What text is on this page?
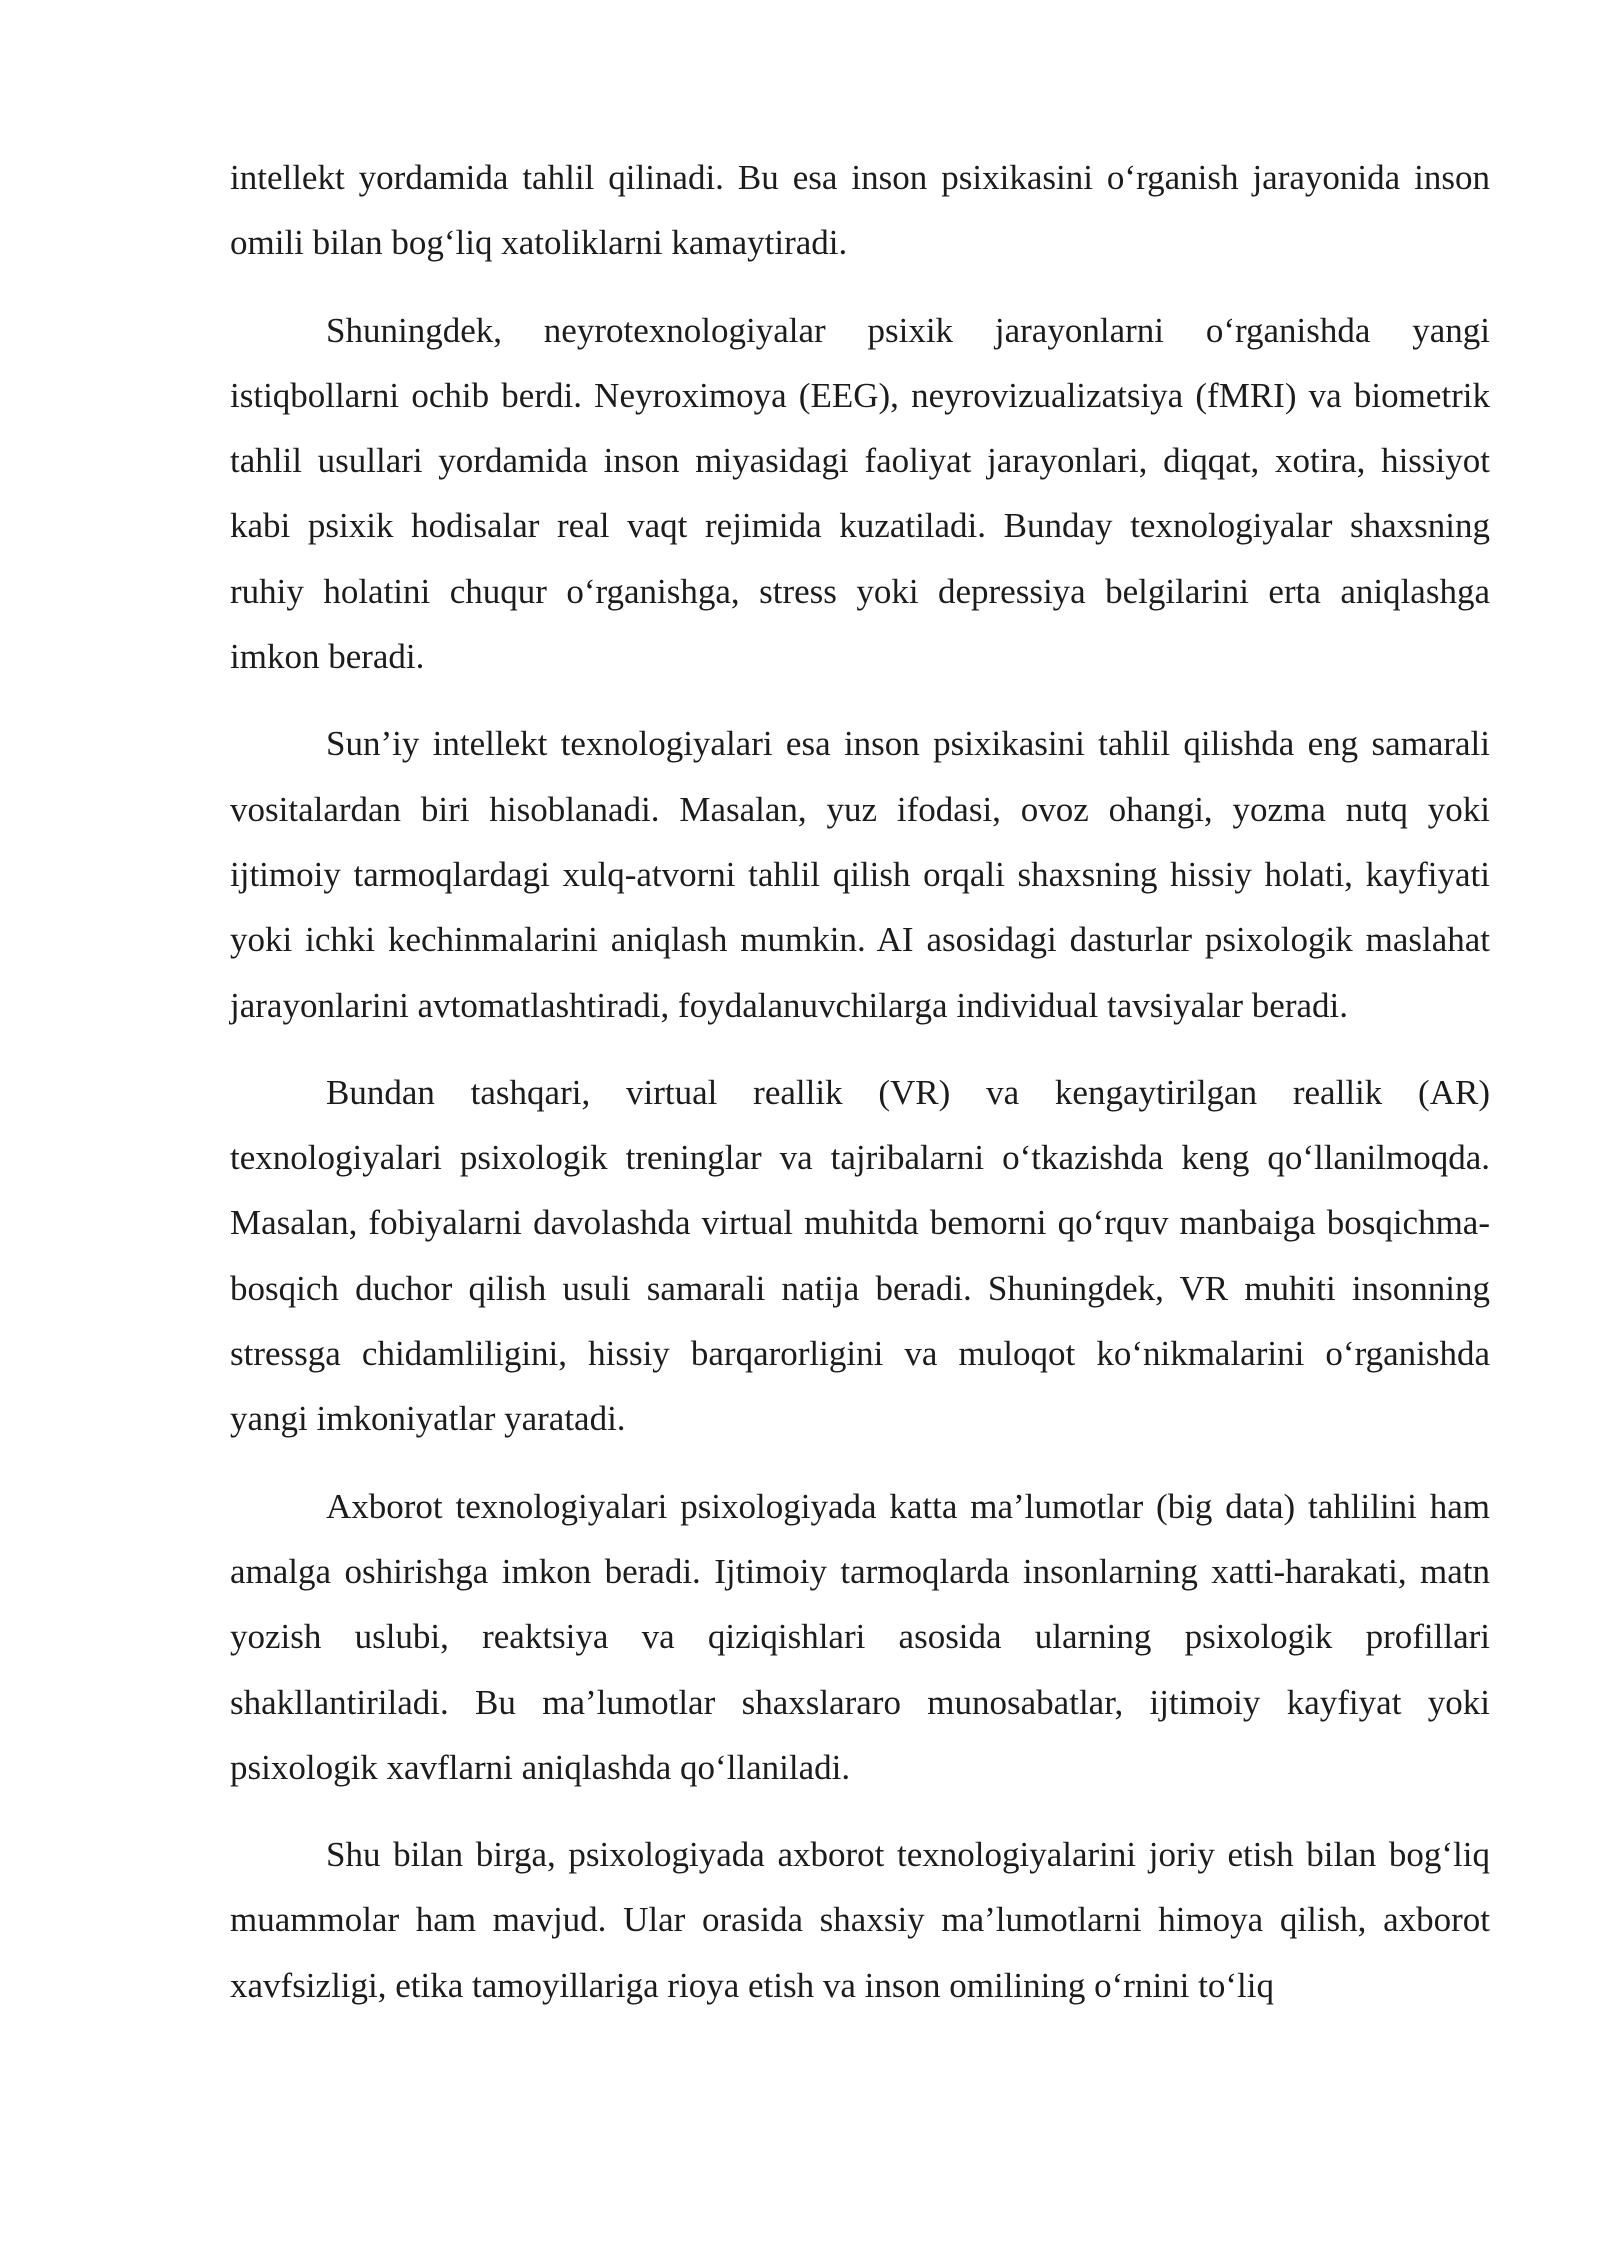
intellekt yordamida tahlil qilinadi. Bu esa inson psixikasini o‘rganish jarayonida inson omili bilan bog‘liq xatoliklarni kamaytiradi.

Shuningdek, neyrotexnologiyalar psixik jarayonlarni o‘rganishda yangi istiqbollarni ochib berdi. Neyroximoya (EEG), neyrovizualizatsiya (fMRI) va biometrik tahlil usullari yordamida inson miyasidagi faoliyat jarayonlari, diqqat, xotira, hissiyot kabi psixik hodisalar real vaqt rejimida kuzatiladi. Bunday texnologiyalar shaxsning ruhiy holatini chuqur o‘rganishga, stress yoki depressiya belgilarini erta aniqlashga imkon beradi.

Sun’iy intellekt texnologiyalari esa inson psixikasini tahlil qilishda eng samarali vositalardan biri hisoblanadi. Masalan, yuz ifodasi, ovoz ohangi, yozma nutq yoki ijtimoiy tarmoqlardagi xulq-atvorni tahlil qilish orqali shaxsning hissiy holati, kayfiyati yoki ichki kechinmalarini aniqlash mumkin. AI asosidagi dasturlar psixologik maslahat jarayonlarini avtomatlashtiradi, foydalanuvchilarga individual tavsiyalar beradi.

Bundan tashqari, virtual reallik (VR) va kengaytirilgan reallik (AR) texnologiyalari psixologik treninglar va tajribalarni o‘tkazishda keng qo‘llanilmoqda. Masalan, fobiyalarni davolashda virtual muhitda bemorni qo‘rquv manbaiga bosqichma-bosqich duchor qilish usuli samarali natija beradi. Shuningdek, VR muhiti insonning stressga chidamliligini, hissiy barqarorligini va muloqot ko‘nikmalarini o‘rganishda yangi imkoniyatlar yaratadi.

Axborot texnologiyalari psixologiyada katta ma’lumotlar (big data) tahlilini ham amalga oshirishga imkon beradi. Ijtimoiy tarmoqlarda insonlarning xatti-harakati, matn yozish uslubi, reaktsiya va qiziqishlari asosida ularning psixologik profillari shakllantiriladi. Bu ma’lumotlar shaxslararo munosabatlar, ijtimoiy kayfiyat yoki psixologik xavflarni aniqlashda qo‘llaniladi.

Shu bilan birga, psixologiyada axborot texnologiyalarini joriy etish bilan bog‘liq muammolar ham mavjud. Ular orasida shaxsiy ma’lumotlarni himoya qilish, axborot xavfsizligi, etika tamoyillariga rioya etish va inson omilining o‘rnini to‘liq
